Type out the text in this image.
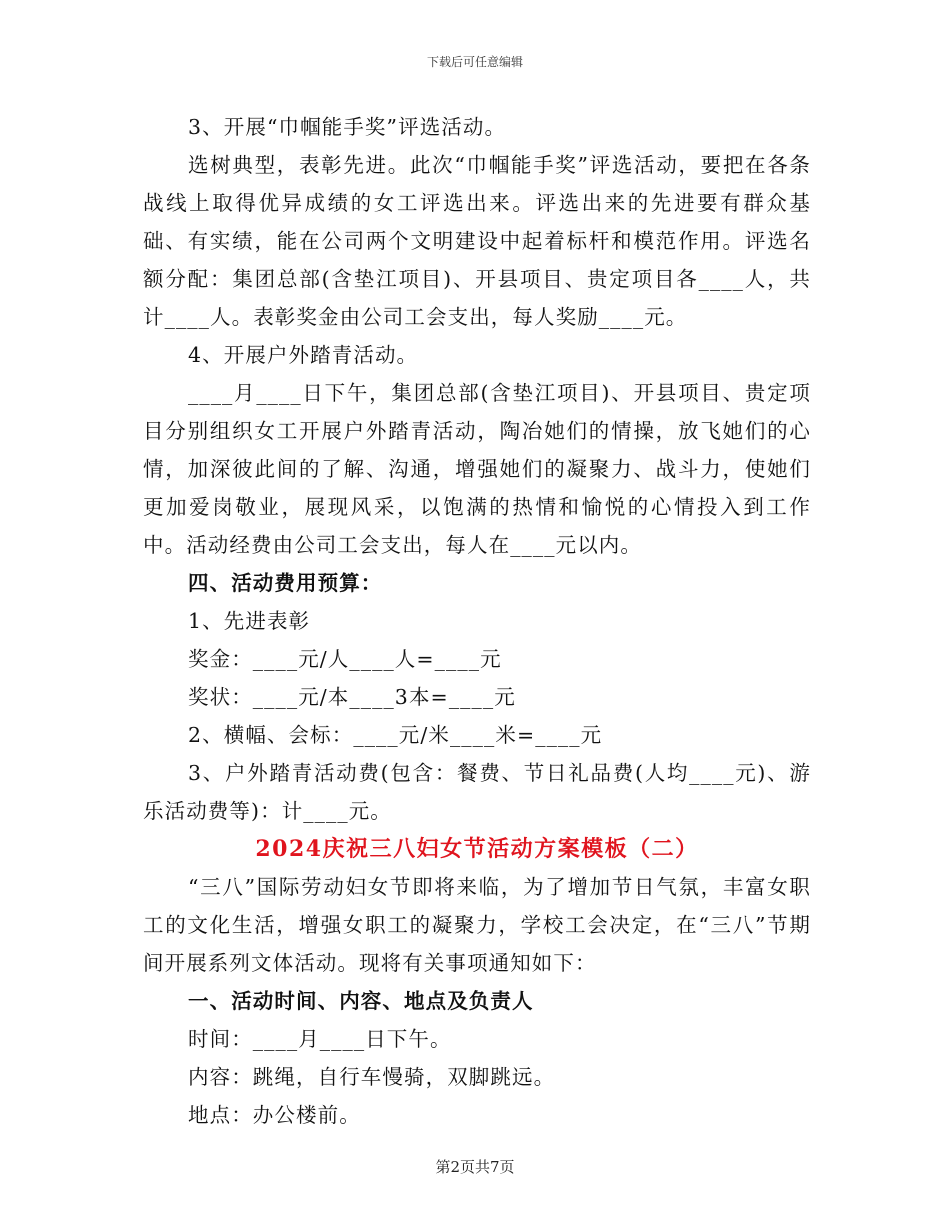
下载后可任意编辑

3、开展“巾帼能手奖”评选活动。

选树典型，表彰先进。此次“巾帼能手奖”评选活动，要把在各条战线上取得优异成绩的女工评选出来。评选出来的先进要有群众基础、有实绩，能在公司两个文明建设中起着标杆和模范作用。评选名额分配：集团总部(含垫江项目)、开县项目、贵定项目各____人，共计____人。表彰奖金由公司工会支出，每人奖励____元。

4、开展户外踏青活动。

____月____日下午，集团总部(含垫江项目)、开县项目、贵定项目分别组织女工开展户外踏青活动，陶冶她们的情操，放飞她们的心情，加深彼此间的了解、沟通，增强她们的凝聚力、战斗力，使她们更加爱岗敬业，展现风采，以饱满的热情和愉悦的心情投入到工作中。活动经费由公司工会支出，每人在____元以内。

四、活动费用预算：

1、先进表彰

奖金：____元/人____人=____元

奖状：____元/本____3本=____元

2、横幅、会标：____元/米____米=____元

3、户外踏青活动费(包含：餐费、节日礼品费(人均____元)、游乐活动费等)：计____元。

2024庆祝三八妇女节活动方案模板（二）

“三八”国际劳动妇女节即将来临，为了增加节日气氛，丰富女职工的文化生活，增强女职工的凝聚力，学校工会决定，在“三八”节期间开展系列文体活动。现将有关事项通知如下：

一、活动时间、内容、地点及负责人

时间：____月____日下午。

内容：跳绳，自行车慢骑，双脚跳远。

地点：办公楼前。

第2页共7页
